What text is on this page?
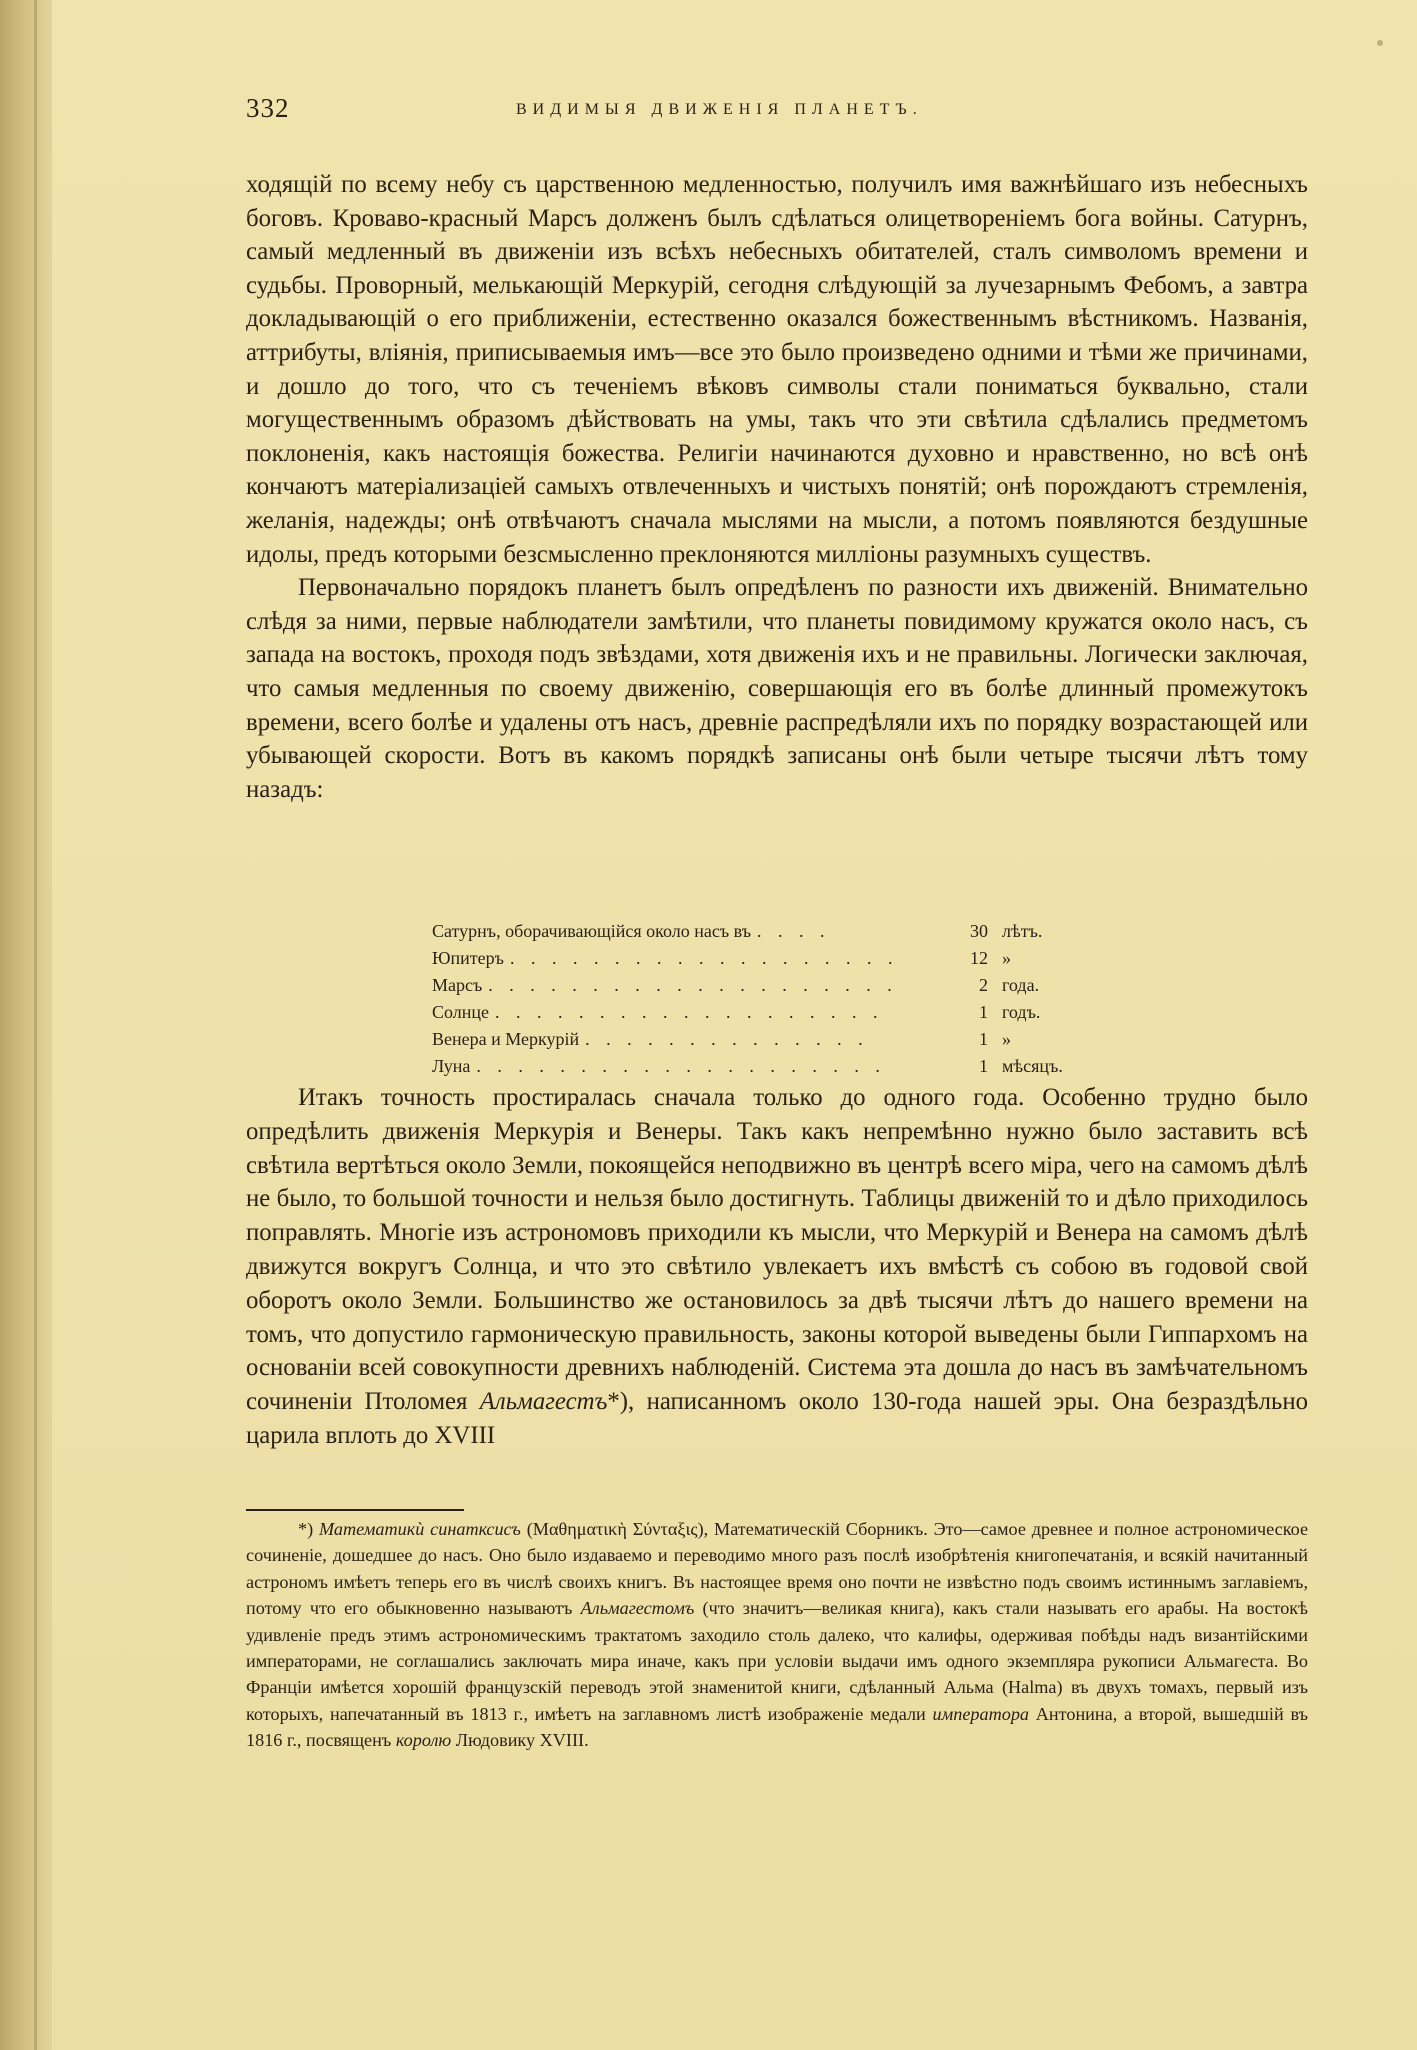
332	ВИДИМЫЯ ДВИЖЕНІЯ ПЛАНЕТЪ.

ходящій по всему небу съ царственною медленностью, получилъ имя важнѣйшаго изъ небесныхъ боговъ. Кроваво-красный Марсъ долженъ былъ сдѣлаться олицетвореніемъ бога войны. Сатурнъ, самый медленный въ движеніи изъ всѣхъ небесныхъ обитателей, сталъ символомъ времени и судьбы. Проворный, мелькающій Меркурій, сегодня слѣдующій за лучезарнымъ Фебомъ, а завтра докладывающій о его приближеніи, естественно оказался божественнымъ вѣстникомъ. Названія, аттрибуты, вліянія, приписываемыя имъ—все это было произведено одними и тѣми же причинами, и дошло до того, что съ теченіемъ вѣковъ символы стали пониматься буквально, стали могущественнымъ образомъ дѣйствовать на умы, такъ что эти свѣтила сдѣлались предметомъ поклоненія, какъ настоящія божества. Религіи начинаются духовно и нравственно, но всѣ онѣ кончаютъ матеріализаціей самыхъ отвлеченныхъ и чистыхъ понятій; онѣ порождаютъ стремленія, желанія, надежды; онѣ отвѣчаютъ сначала мыслями на мысли, а потомъ появляются бездушные идолы, предъ которыми безсмысленно преклоняются милліоны разумныхъ существъ.

Первоначально порядокъ планетъ былъ опредѣленъ по разности ихъ движеній. Внимательно слѣдя за ними, первые наблюдатели замѣтили, что планеты повидимому кружатся около насъ, съ запада на востокъ, проходя подъ звѣздами, хотя движенія ихъ и не правильны. Логически заключая, что самыя медленныя по своему движенію, совершающія его въ болѣе длинный промежутокъ времени, всего болѣе и удалены отъ насъ, древніе распредѣляли ихъ по порядку возрастающей или убывающей скорости. Вотъ въ какомъ порядкѣ записаны онѣ были четыре тысячи лѣтъ тому назадъ:

Сатурнъ, оборачивающійся около насъ въ . . . .	30 лѣтъ.
Юпитеръ . . . . . . . . . . . . . . . . . . .	12 »
Марсъ . . . . . . . . . . . . . . . . . . . .	2 года.
Солнце . . . . . . . . . . . . . . . . . . .	1 годъ.
Венера и Меркурій . . . . . . . . . . . . . .	1 »
Луна . . . . . . . . . . . . . . . . . . . .	1 мѣсяцъ.

Итакъ точность простиралась сначала только до одного года. Особенно трудно было опредѣлить движенія Меркурія и Венеры. Такъ какъ непремѣнно нужно было заставить всѣ свѣтила вертѣться около Земли, покоящейся неподвижно въ центрѣ всего міра, чего на самомъ дѣлѣ не было, то большой точности и нельзя было достигнуть. Таблицы движеній то и дѣло приходилось поправлять. Многіе изъ астрономовъ приходили къ мысли, что Меркурій и Венера на самомъ дѣлѣ движутся вокругъ Солнца, и что это свѣтило увлекаетъ ихъ вмѣстѣ съ собою въ годовой свой оборотъ около Земли. Большинство же остановилось за двѣ тысячи лѣтъ до нашего времени на томъ, что допустило гармоническую правильность, законы которой выведены были Гиппархомъ на основаніи всей совокупности древнихъ наблюденій. Система эта дошла до насъ въ замѣчательномъ сочиненіи Птоломея Альмагестъ*), написанномъ около 130-года нашей эры. Она безраздѣльно царила вплоть до XVIII

*) Математикѝ синатксисъ (Μαθηματικὴ Σύνταξις), Математическій Сборникъ. Это—самое древнее и полное астрономическое сочиненіе, дошедшее до насъ. Оно было издаваемо и переводимо много разъ послѣ изобрѣтенія книгопечатанія, и всякій начитанный астрономъ имѣетъ теперь его въ числѣ своихъ книгъ. Въ настоящее время оно почти не извѣстно подъ своимъ истиннымъ заглавіемъ, потому что его обыкновенно называютъ Альмагестомъ (что значитъ—великая книга), какъ стали называть его арабы. На востокѣ удивленіе предъ этимъ астрономическимъ трактатомъ заходило столь далеко, что калифы, одерживая побѣды надъ византійскими императорами, не соглашались заключать мира иначе, какъ при условіи выдачи имъ одного экземпляра рукописи Альмагеста. Во Франціи имѣется хорошій французскій переводъ этой знаменитой книги, сдѣланный Альма (Halma) въ двухъ томахъ, первый изъ которыхъ, напечатанный въ 1813 г., имѣетъ на заглавномъ листѣ изображеніе медали императора Антонина, а второй, вышедшій въ 1816 г., посвященъ королю Людовику XVIII.
